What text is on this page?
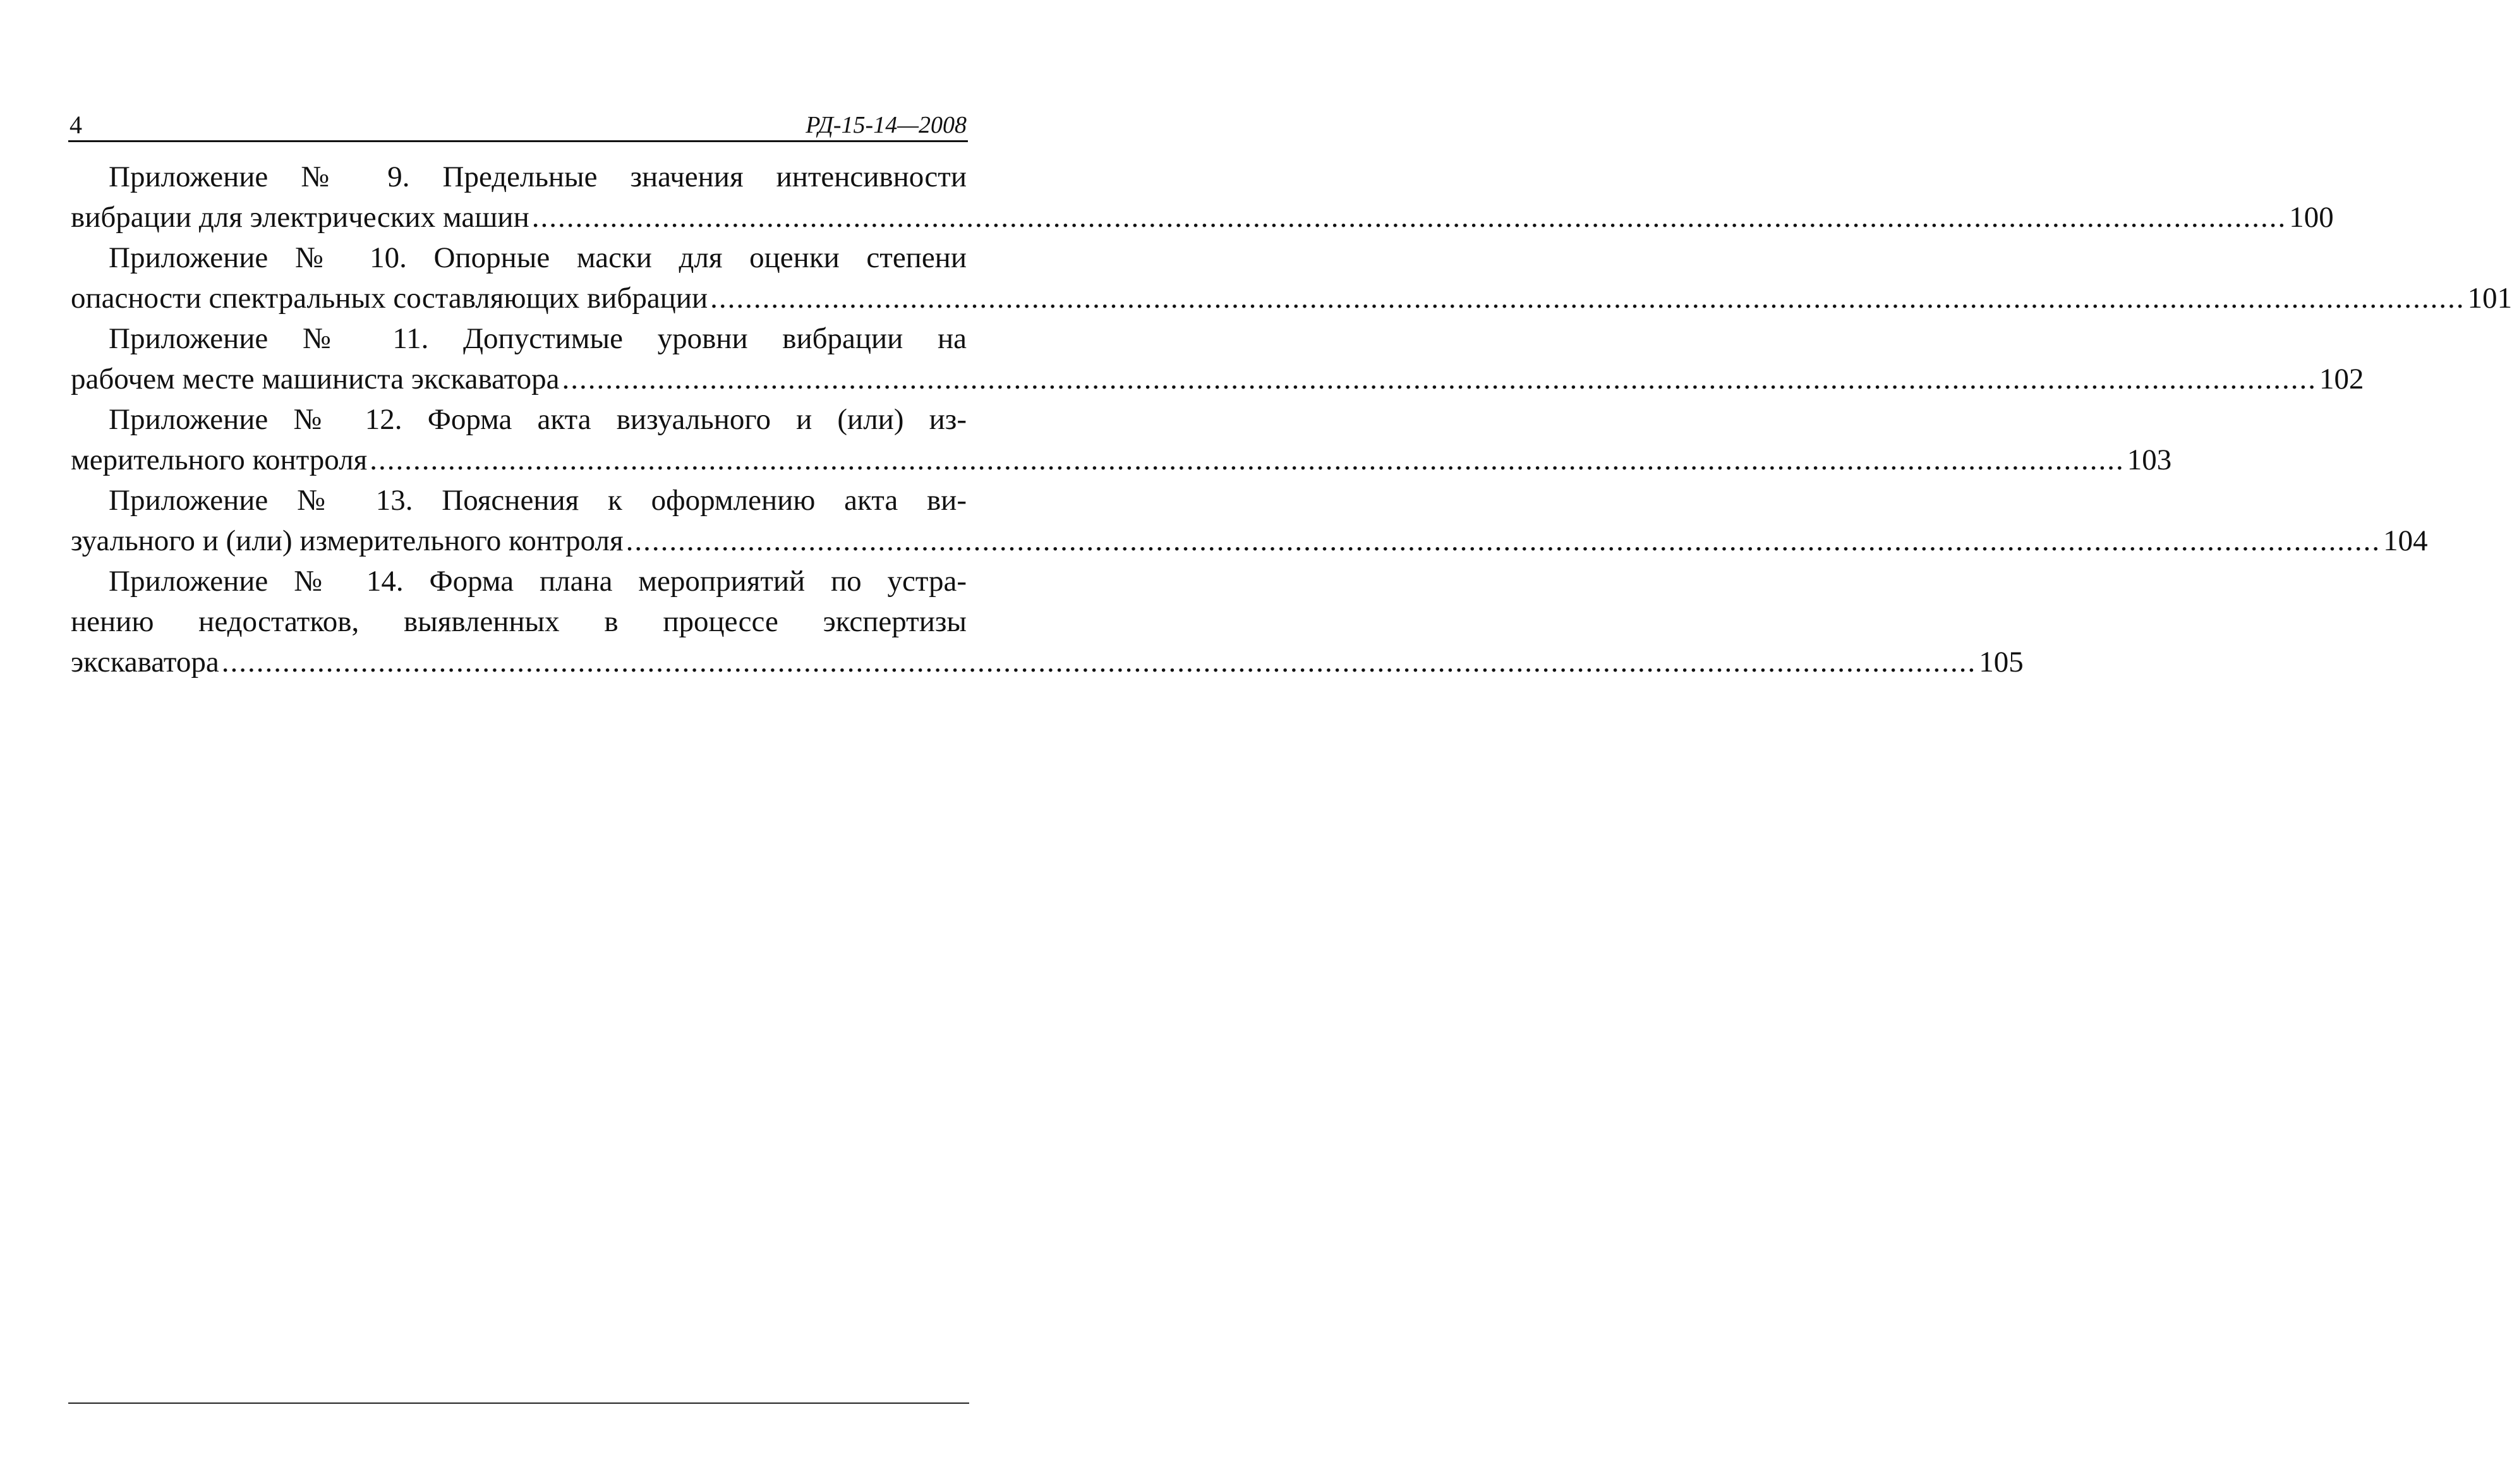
4	РД-15-14—2008
Приложение № 9. Предельные значения интенсивности
вибрации для электрических машин .......................................................................................................................................................................................................... 100
Приложение № 10. Опорные маски для оценки степени
опасности спектральных составляющих вибрации .......................................................................................................................................................................................................... 101
Приложение № 11. Допустимые уровни вибрации на
рабочем месте машиниста экскаватора .......................................................................................................................................................................................................... 102
Приложение № 12. Форма акта визуального и (или) из-
мерительного контроля .......................................................................................................................................................................................................... 103
Приложение № 13. Пояснения к оформлению акта ви-
зуального и (или) измерительного контроля .......................................................................................................................................................................................................... 104
Приложение № 14. Форма плана мероприятий по устра-
нению недостатков, выявленных в процессе экспертизы
экскаватора .......................................................................................................................................................................................................... 105
